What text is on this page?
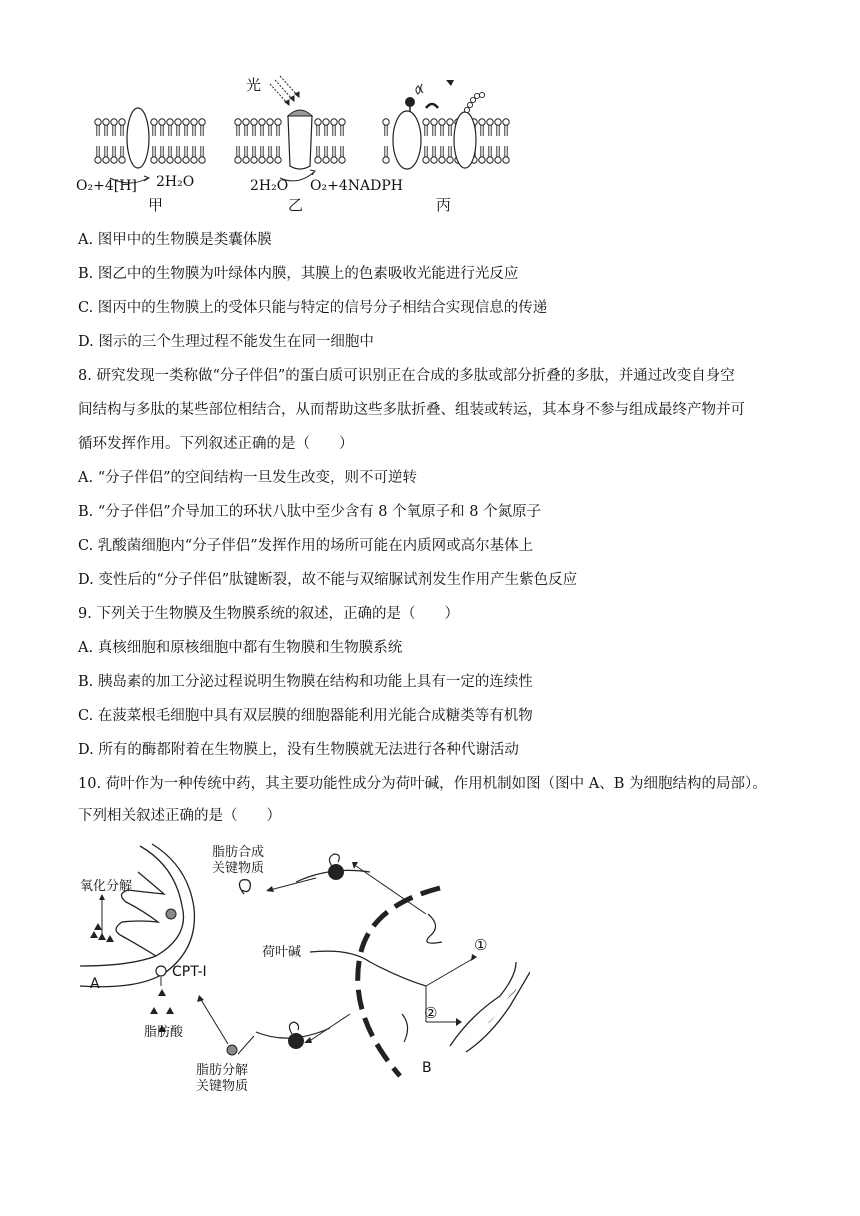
光
O₂+4[H] 2H₂O	2H₂O O₂+4NADPH
甲	乙	丙
A. 图甲中的生物膜是类囊体膜
B. 图乙中的生物膜为叶绿体内膜，其膜上的色素吸收光能进行光反应
C. 图丙中的生物膜上的受体只能与特定的信号分子相结合实现信息的传递
D. 图示的三个生理过程不能发生在同一细胞中
8. 研究发现一类称做“分子伴侣”的蛋白质可识别正在合成的多肽或部分折叠的多肽，并通过改变自身空
间结构与多肽的某些部位相结合，从而帮助这些多肽折叠、组装或转运，其本身不参与组成最终产物并可
循环发挥作用。下列叙述正确的是（　　）
A. “分子伴侣”的空间结构一旦发生改变，则不可逆转
B. “分子伴侣”介导加工的环状八肽中至少含有 8 个氧原子和 8 个氮原子
C. 乳酸菌细胞内“分子伴侣”发挥作用的场所可能在内质网或高尔基体上
D. 变性后的“分子伴侣”肽键断裂，故不能与双缩脲试剂发生作用产生紫色反应
9. 下列关于生物膜及生物膜系统的叙述，正确的是（　　）
A. 真核细胞和原核细胞中都有生物膜和生物膜系统
B. 胰岛素的加工分泌过程说明生物膜在结构和功能上具有一定的连续性
C. 在菠菜根毛细胞中具有双层膜的细胞器能利用光能合成糖类等有机物
D. 所有的酶都附着在生物膜上，没有生物膜就无法进行各种代谢活动
10. 荷叶作为一种传统中药，其主要功能性成分为荷叶碱，作用机制如图（图中 A、B 为细胞结构的局部）。
下列相关叙述正确的是（　　）
氧化分解
A
CPT-Ⅰ
脂肪酸
脂肪合成
关键物质
B
荷叶碱	①
②
脂肪分解
关键物质
